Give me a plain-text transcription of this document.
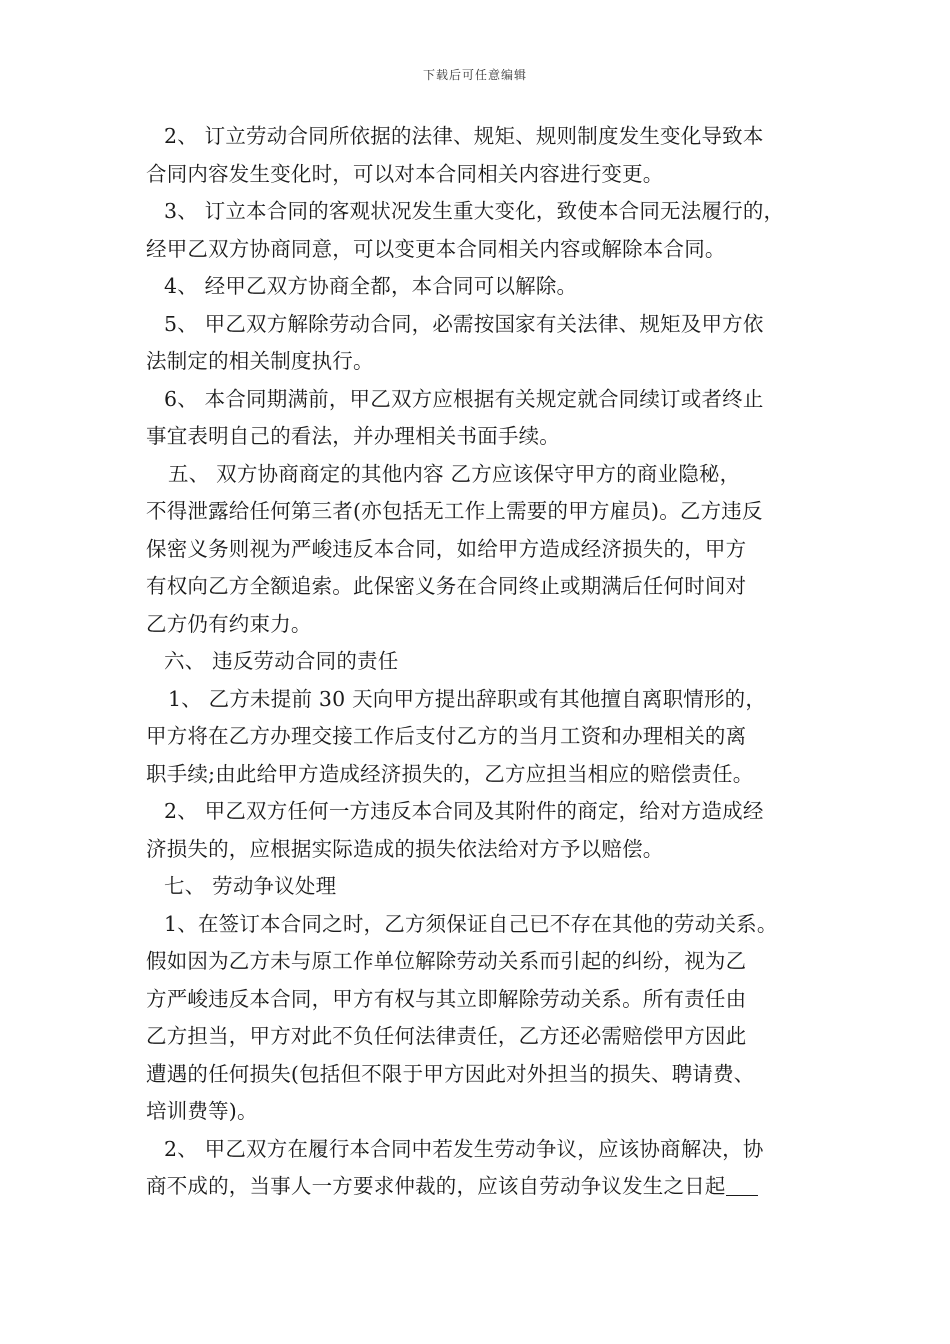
下载后可任意编辑
2、 订立劳动合同所依据的法律、规矩、规则制度发生变化导致本
合同内容发生变化时，可以对本合同相关内容进行变更。
3、 订立本合同的客观状况发生重大变化，致使本合同无法履行的，
经甲乙双方协商同意，可以变更本合同相关内容或解除本合同。
4、 经甲乙双方协商全都，本合同可以解除。
5、 甲乙双方解除劳动合同，必需按国家有关法律、规矩及甲方依
法制定的相关制度执行。
6、 本合同期满前，甲乙双方应根据有关规定就合同续订或者终止
事宜表明自己的看法，并办理相关书面手续。
五、 双方协商商定的其他内容 乙方应该保守甲方的商业隐秘，
不得泄露给任何第三者(亦包括无工作上需要的甲方雇员)。乙方违反
保密义务则视为严峻违反本合同，如给甲方造成经济损失的，甲方
有权向乙方全额追索。此保密义务在合同终止或期满后任何时间对
乙方仍有约束力。
六、 违反劳动合同的责任
1、 乙方未提前 30 天向甲方提出辞职或有其他擅自离职情形的，
甲方将在乙方办理交接工作后支付乙方的当月工资和办理相关的离
职手续;由此给甲方造成经济损失的，乙方应担当相应的赔偿责任。
2、 甲乙双方任何一方违反本合同及其附件的商定，给对方造成经
济损失的，应根据实际造成的损失依法给对方予以赔偿。
七、 劳动争议处理
1、在签订本合同之时，乙方须保证自己已不存在其他的劳动关系。
假如因为乙方未与原工作单位解除劳动关系而引起的纠纷，视为乙
方严峻违反本合同，甲方有权与其立即解除劳动关系。所有责任由
乙方担当，甲方对此不负任何法律责任，乙方还必需赔偿甲方因此
遭遇的任何损失(包括但不限于甲方因此对外担当的损失、聘请费、
培训费等)。
2、 甲乙双方在履行本合同中若发生劳动争议，应该协商解决，协
商不成的，当事人一方要求仲裁的，应该自劳动争议发生之日起
